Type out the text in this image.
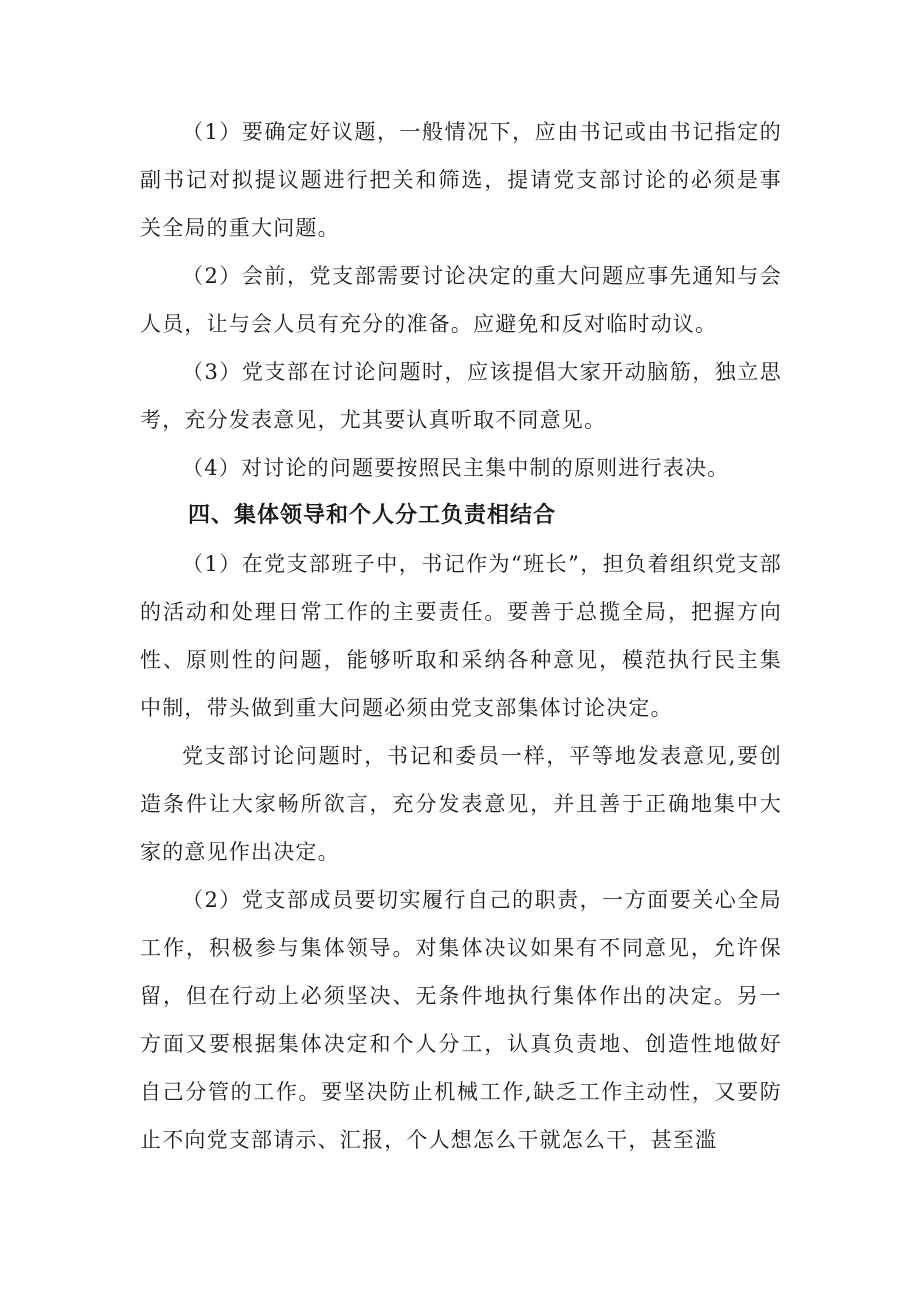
（1）要确定好议题，一般情况下，应由书记或由书记指定的副书记对拟提议题进行把关和筛选，提请党支部讨论的必须是事关全局的重大问题。

（2）会前，党支部需要讨论决定的重大问题应事先通知与会人员，让与会人员有充分的准备。应避免和反对临时动议。

（3）党支部在讨论问题时，应该提倡大家开动脑筋，独立思考，充分发表意见，尤其要认真听取不同意见。

（4）对讨论的问题要按照民主集中制的原则进行表决。

四、集体领导和个人分工负责相结合

（1）在党支部班子中，书记作为“班长”，担负着组织党支部的活动和处理日常工作的主要责任。要善于总揽全局，把握方向性、原则性的问题，能够听取和采纳各种意见，模范执行民主集中制，带头做到重大问题必须由党支部集体讨论决定。

党支部讨论问题时，书记和委员一样，平等地发表意见,要创造条件让大家畅所欲言，充分发表意见，并且善于正确地集中大家的意见作出决定。

（2）党支部成员要切实履行自己的职责，一方面要关心全局工作，积极参与集体领导。对集体决议如果有不同意见，允许保留，但在行动上必须坚决、无条件地执行集体作出的决定。另一方面又要根据集体决定和个人分工，认真负责地、创造性地做好自己分管的工作。要坚决防止机械工作,缺乏工作主动性，又要防止不向党支部请示、汇报，个人想怎么干就怎么干，甚至滥
